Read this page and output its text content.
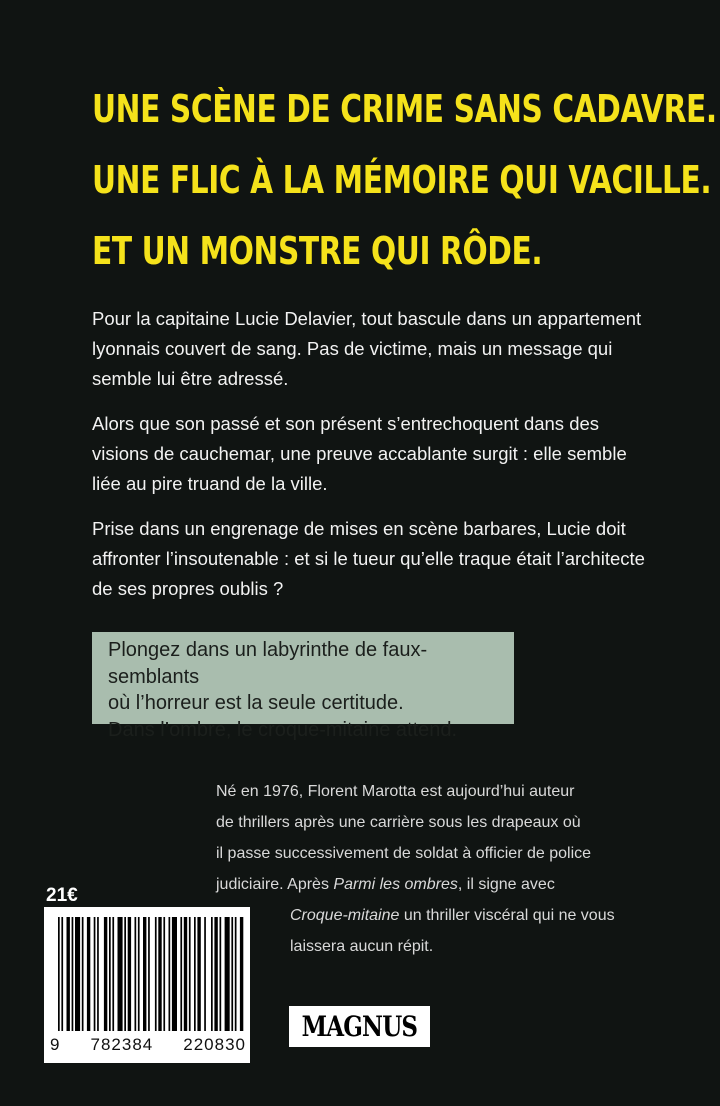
UNE SCÈNE DE CRIME SANS CADAVRE.
UNE FLIC À LA MÉMOIRE QUI VACILLE.
ET UN MONSTRE QUI RÔDE.

Pour la capitaine Lucie Delavier, tout bascule dans un appartement lyonnais couvert de sang. Pas de victime, mais un message qui semble lui être adressé.

Alors que son passé et son présent s’entrechoquent dans des visions de cauchemar, une preuve accablante surgit : elle semble liée au pire truand de la ville.

Prise dans un engrenage de mises en scène barbares, Lucie doit affronter l’insoutenable : et si le tueur qu’elle traque était l’architecte de ses propres oublis ?

Plongez dans un labyrinthe de faux-semblants
où l’horreur est la seule certitude.
Dans l’ombre, le croque-mitaine attend.
Né en 1976, Florent Marotta est aujourd’hui auteur
de thrillers après une carrière sous les drapeaux où
il passe successivement de soldat à officier de police
judiciaire. Après Parmi les ombres, il signe avec
Croque-mitaine un thriller viscéral qui ne vous
laissera aucun répit.
21€
9 782384 220830
MAGNUS
